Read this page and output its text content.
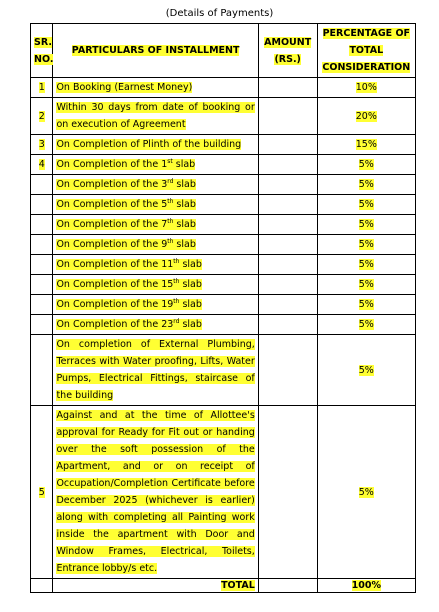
(Details of Payments)
SR. NO.	PARTICULARS OF INSTALLMENT	AMOUNT (RS.)	PERCENTAGE OF TOTAL CONSIDERATION
1	On Booking (Earnest Money)		10%
2	Within 30 days from date of booking or on execution of Agreement		20%
3	On Completion of Plinth of the building		15%
4	On Completion of the 1st slab		5%
	On Completion of the 3rd slab		5%
	On Completion of the 5th slab		5%
	On Completion of the 7th slab		5%
	On Completion of the 9th slab		5%
	On Completion of the 11th slab		5%
	On Completion of the 15th slab		5%
	On Completion of the 19th slab		5%
	On Completion of the 23rd slab		5%
	On completion of External Plumbing, Terraces with Water proofing, Lifts, Water Pumps, Electrical Fittings, staircase of the building		5%
5	Against and at the time of Allottee's approval for Ready for Fit out or handing over the soft possession of the Apartment, and or on receipt of Occupation/Completion Certificate before December 2025 (whichever is earlier) along with completing all Painting work inside the apartment with Door and Window Frames, Electrical, Toilets, Entrance lobby/s etc.		5%
	TOTAL		100%
